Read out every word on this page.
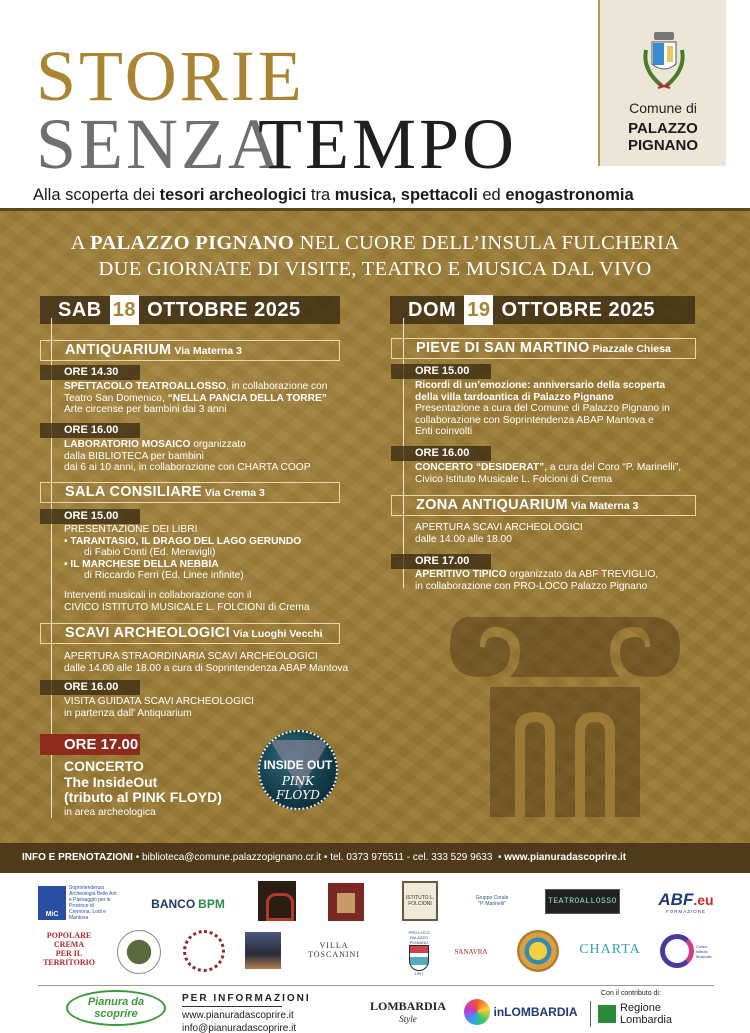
STORIE
SENZA
TEMPO
Alla scoperta dei tesori archeologici tra musica, spettacoli ed enogastronomia
Comune di
PALAZZO
PIGNANO
A PALAZZO PIGNANO NEL CUORE DELL’INSULA FULCHERIA
DUE GIORNATE DI VISITE, TEATRO E MUSICA DAL VIVO
SAB 18 OTTOBRE 2025
ANTIQUARIUM Via Materna 3
ORE 14.30
SPETTACOLO TEATROALLOSSO, in collaborazione con
Teatro San Domenico, “NELLA PANCIA DELLA TORRE”
Arte circense per bambini dai 3 anni
ORE 16.00
LABORATORIO MOSAICO organizzato
dalla BIBLIOTECA per bambini
dai 6 ai 10 anni, in collaborazione con CHARTA COOP
SALA CONSILIARE Via Crema 3
ORE 15.00
PRESENTAZIONE DEI LIBRI
• TARANTASIO, IL DRAGO DEL LAGO GERUNDO
di Fabio Conti (Ed. Meravigli)
• IL MARCHESE DELLA NEBBIA
di Riccardo Ferri (Ed. Linee infinite)
Interventi musicali in collaborazione con il
CIVICO ISTITUTO MUSICALE L. FOLCIONI di Crema
SCAVI ARCHEOLOGICI Via Luoghi Vecchi
APERTURA STRAORDINARIA SCAVI ARCHEOLOGICI
dalle 14.00 alle 18.00 a cura di Soprintendenza ABAP Mantova
ORE 16.00
VISITA GUIDATA SCAVI ARCHEOLOGICI
in partenza dall' Antiquarium
ORE 17.00
CONCERTO
The InsideOut
(tributo al PINK FLOYD)
in area archeologica
INSIDE OUT
PINK FLOYD
DOM 19 OTTOBRE 2025
PIEVE DI SAN MARTINO Piazzale Chiesa
ORE 15.00
Ricordi di un’emozione: anniversario della scoperta
della villa tardoantica di Palazzo Pignano
Presentazione a cura del Comune di Palazzo Pignano in
collaborazione con Soprintendenza ABAP Mantova e
Enti coinvolti
ORE 16.00
CONCERTO “DESIDERAT”, a cura del Coro “P. Marinelli”,
Civico Istituto Musicale L. Folcioni di Crema
ZONA ANTIQUARIUM Via Materna 3
APERTURA SCAVI ARCHEOLOGICI
dalle 14.00 alle 18.00
ORE 17.00
APERITIVO TIPICO organizzato da ABF TREVIGLIO,
in collaborazione con PRO-LOCO Palazzo Pignano
INFO E PRENOTAZIONI • biblioteca@comune.palazzopignano.cr.it • tel. 0373 975511 - cel. 333 529 9633  • www.pianuradascoprire.it
MiC
Soprintendenza Archeologia Belle Arti e Paesaggio per le Province di Cremona, Lodi e Mantova
BANCO BPM	ISTITUTO L. FOLCIONI
Gruppo Corale "P. Marinelli"	TEATROALLOSSO ABF.eu
FORMAZIONE
POPOLARE CREMA
PER IL TERRITORIO
VILLA TOSCANINI
PRO LOCO PALAZZO PIGNANO
1997
SANAVRA	CHARTA	Civico Istituto Musicale
Pianura da scoprire
PER INFORMAZIONI
www.pianuradascoprire.it
info@pianuradascoprire.it
LOMBARDIA
Style	inLOMBARDIA
Con il contributo di:
Regione
Lombardia
